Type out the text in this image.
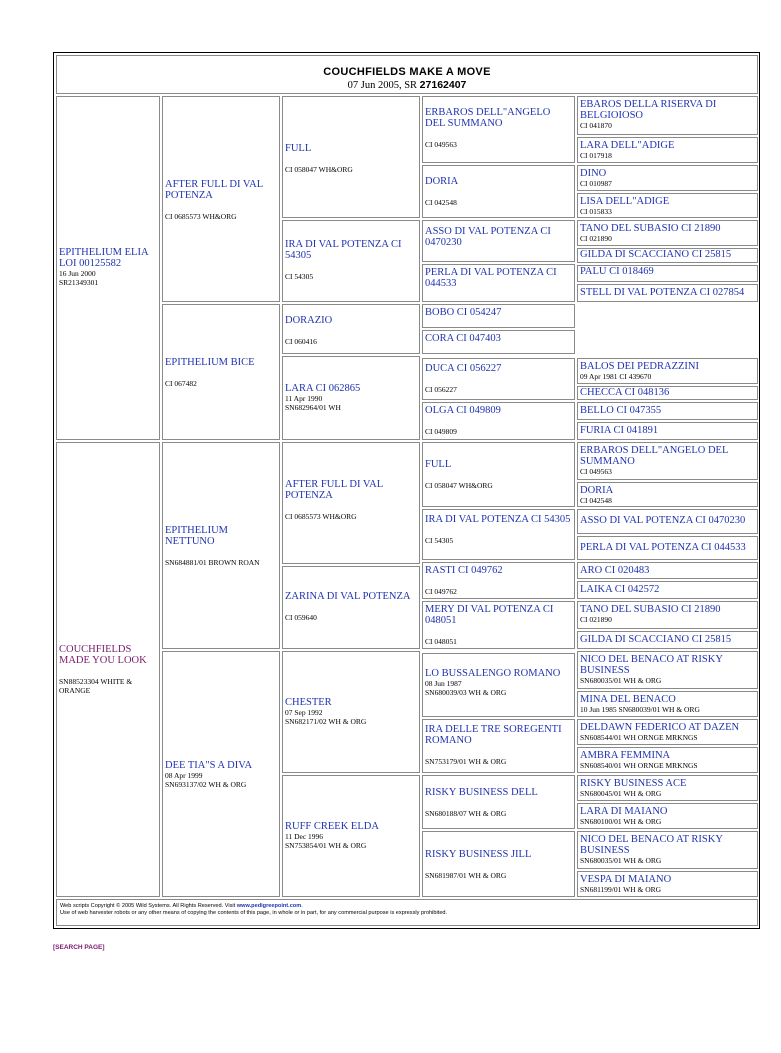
COUCHFIELDS MAKE A MOVE
07 Jun 2005, SR 27162407
EPITHELIUM ELIA LOI 00125582
16 Jun 2000
SR21349301
COUCHFIELDS MADE YOU LOOK
SN88523304 WHITE & ORANGE
AFTER FULL DI VAL POTENZA
CI 0685573 WH&ORG
EPITHELIUM BICE
CI 067482
EPITHELIUM NETTUNO
SN684881/01 BROWN ROAN
DEE TIA"S A DIVA
08 Apr 1999
SN693137/02 WH & ORG
FULL
CI 058047 WH&ORG
IRA DI VAL POTENZA CI 54305
CI 54305
DORAZIO
CI 060416
LARA CI 062865
11 Apr 1990
SN682964/01 WH
AFTER FULL DI VAL POTENZA
CI 0685573 WH&ORG
ZARINA DI VAL POTENZA
CI 059640
CHESTER
07 Sep 1992
SN682171/02 WH & ORG
RUFF CREEK ELDA
11 Dec 1996
SN753854/01 WH & ORG
ERBAROS DELL"ANGELO DEL SUMMANO
CI 049563
DORIA
CI 042548
ASSO DI VAL POTENZA CI 0470230
PERLA DI VAL POTENZA CI 044533
BOBO CI 054247
CORA CI 047403
DUCA CI 056227
CI 056227
OLGA CI 049809
CI 049809
FULL
CI 058047 WH&ORG
IRA DI VAL POTENZA CI 54305
CI 54305
RASTI CI 049762
CI 049762
MERY DI VAL POTENZA CI 048051
CI 048051
LO BUSSALENGO ROMANO
08 Jun 1987
SN680039/03 WH & ORG
IRA DELLE TRE SOREGENTI ROMANO
SN753179/01 WH & ORG
RISKY BUSINESS DELL
SN680188/07 WH & ORG
RISKY BUSINESS JILL
SN681987/01 WH & ORG
EBAROS DELLA RISERVA DI BELGIOIOSO
CI 041870
LARA DELL"ADIGE
CI 017918
DINO
CI 010987
LISA DELL"ADIGE
CI 015833
TANO DEL SUBASIO CI 21890
CI 021890
GILDA DI SCACCIANO CI 25815
PALU CI 018469
STELL DI VAL POTENZA CI 027854
BALOS DEI PEDRAZZINI
09 Apr 1981 CI 439670
CHECCA CI 048136
BELLO CI 047355
FURIA CI 041891
ERBAROS DELL"ANGELO DEL SUMMANO
CI 049563
DORIA
CI 042548
ASSO DI VAL POTENZA CI 0470230
PERLA DI VAL POTENZA CI 044533
ARO CI 020483
LAIKA CI 042572
TANO DEL SUBASIO CI 21890
CI 021890
GILDA DI SCACCIANO CI 25815
NICO DEL BENACO AT RISKY BUSINESS
SN680035/01 WH & ORG
MINA DEL BENACO
10 Jun 1985 SN680039/01 WH & ORG
DELDAWN FEDERICO AT DAZEN
SN608544/01 WH ORNGE MRKNGS
AMBRA FEMMINA
SN608540/01 WH ORNGE MRKNGS
RISKY BUSINESS ACE
SN680045/01 WH & ORG
LARA DI MAIANO
SN680100/01 WH & ORG
NICO DEL BENACO AT RISKY BUSINESS
SN680035/01 WH & ORG
VESPA DI MAIANO
SN681199/01 WH & ORG
Web scripts Copyright © 2005 Wild Systems. All Rights Reserved. Visit www.pedigreepoint.com.
Use of web harvester robots or any other means of copying the contents of this page, in whole or in part, for any commercial purpose is expressly prohibited.
[SEARCH PAGE]
